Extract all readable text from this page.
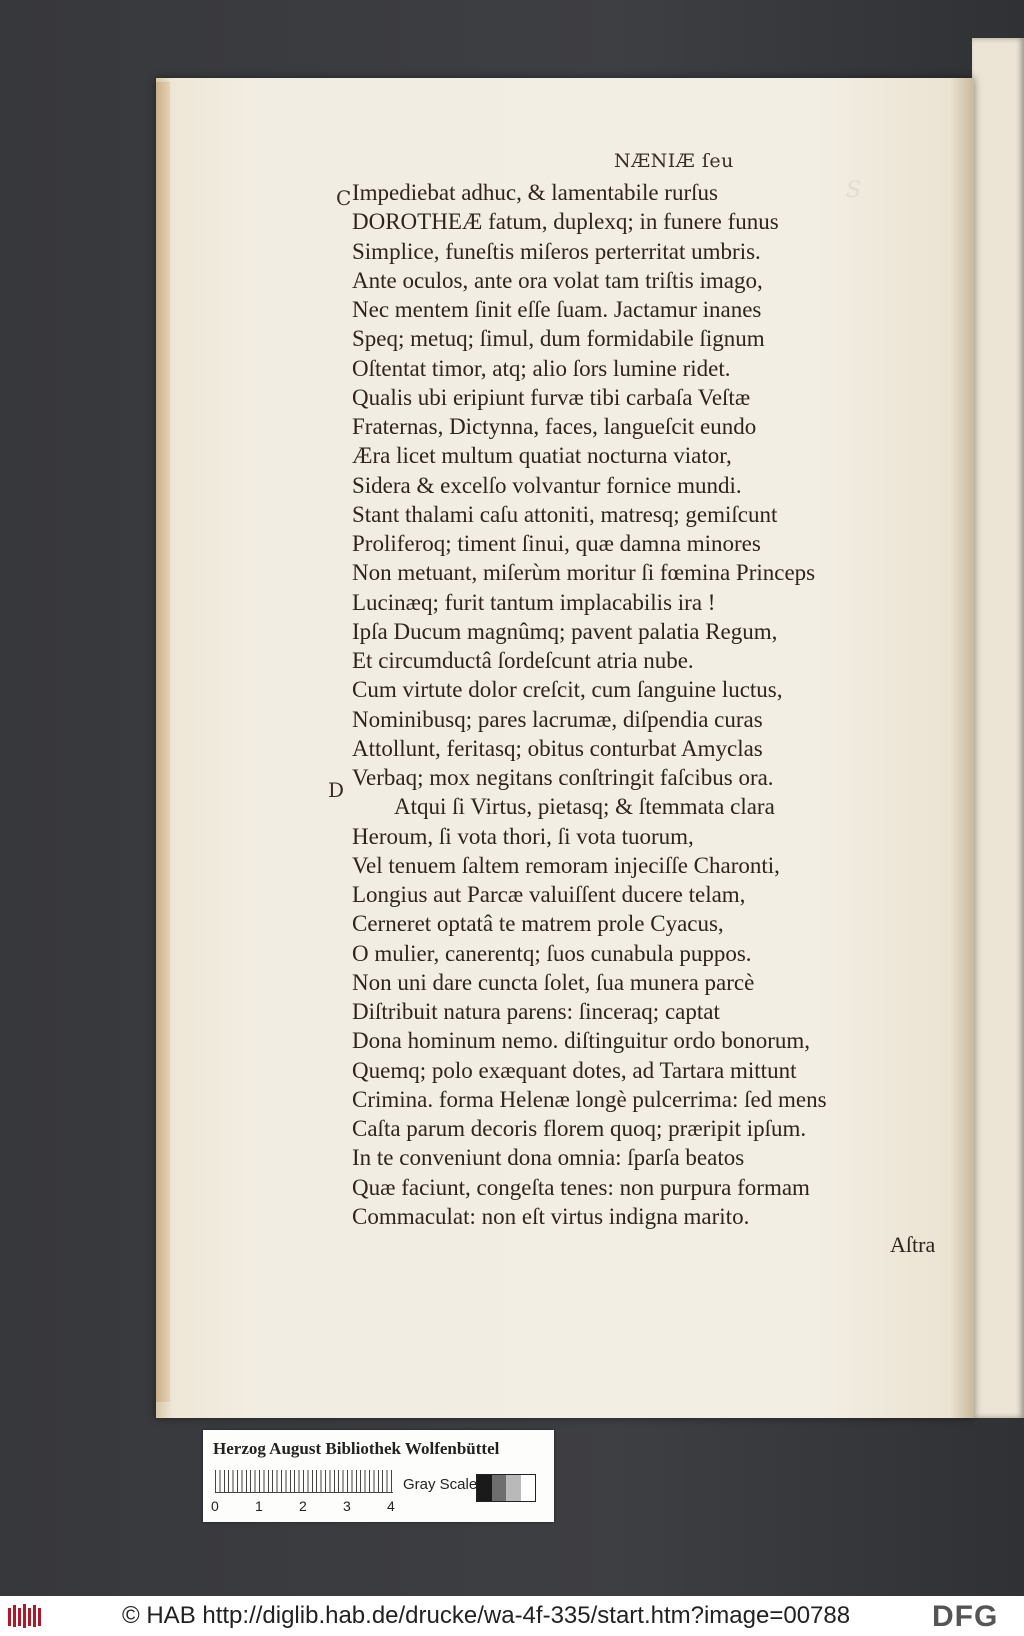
S
NÆNIÆ ſeu
C
D
Impediebat adhuc, & lamentabile rurſus
DOROTHEÆ fatum, duplexq; in funere funus
Simplice, funeſtis miſeros perterritat umbris.
Ante oculos, ante ora volat tam triſtis imago,
Nec mentem ſinit eſſe ſuam. Jactamur inanes
Speq; metuq; ſimul, dum formidabile ſignum
Oſtentat timor, atq; alio ſors lumine ridet.
Qualis ubi eripiunt furvæ tibi carbaſa Veſtæ
Fraternas, Dictynna, faces, langueſcit eundo
Æra licet multum quatiat nocturna viator,
Sidera & excelſo volvantur fornice mundi.
Stant thalami caſu attoniti, matresq; gemiſcunt
Proliferoq; timent ſinui, quæ damna minores
Non metuant, miſerùm moritur ſi fœmina Princeps
Lucinæq; furit tantum implacabilis ira !
Ipſa Ducum magnûmq; pavent palatia Regum,
Et circumductâ ſordeſcunt atria nube.
Cum virtute dolor creſcit, cum ſanguine luctus,
Nominibusq; pares lacrumæ, diſpendia curas
Attollunt, feritasq; obitus conturbat Amyclas
Verbaq; mox negitans conſtringit faſcibus ora.
Atqui ſi Virtus, pietasq; & ſtemmata clara
Heroum, ſi vota thori, ſi vota tuorum,
Vel tenuem ſaltem remoram injeciſſe Charonti,
Longius aut Parcæ valuiſſent ducere telam,
Cerneret optatâ te matrem prole Cyacus,
O mulier, canerentq; ſuos cunabula puppos.
Non uni dare cuncta ſolet, ſua munera parcè
Diſtribuit natura parens: ſinceraq; captat
Dona hominum nemo. diſtinguitur ordo bonorum,
Quemq; polo exæquant dotes, ad Tartara mittunt
Crimina. forma Helenæ longè pulcerrima: ſed mens
Caſta parum decoris florem quoq; præripit ipſum.
In te conveniunt dona omnia: ſparſa beatos
Quæ faciunt, congeſta tenes: non purpura formam
Commaculat: non eſt virtus indigna marito.
Aſtra
Herzog August Bibliothek Wolfenbüttel
0	1	2	3	4
Gray Scale
© HAB http://diglib.hab.de/drucke/wa-4f-335/start.htm?image=00788	DFG
